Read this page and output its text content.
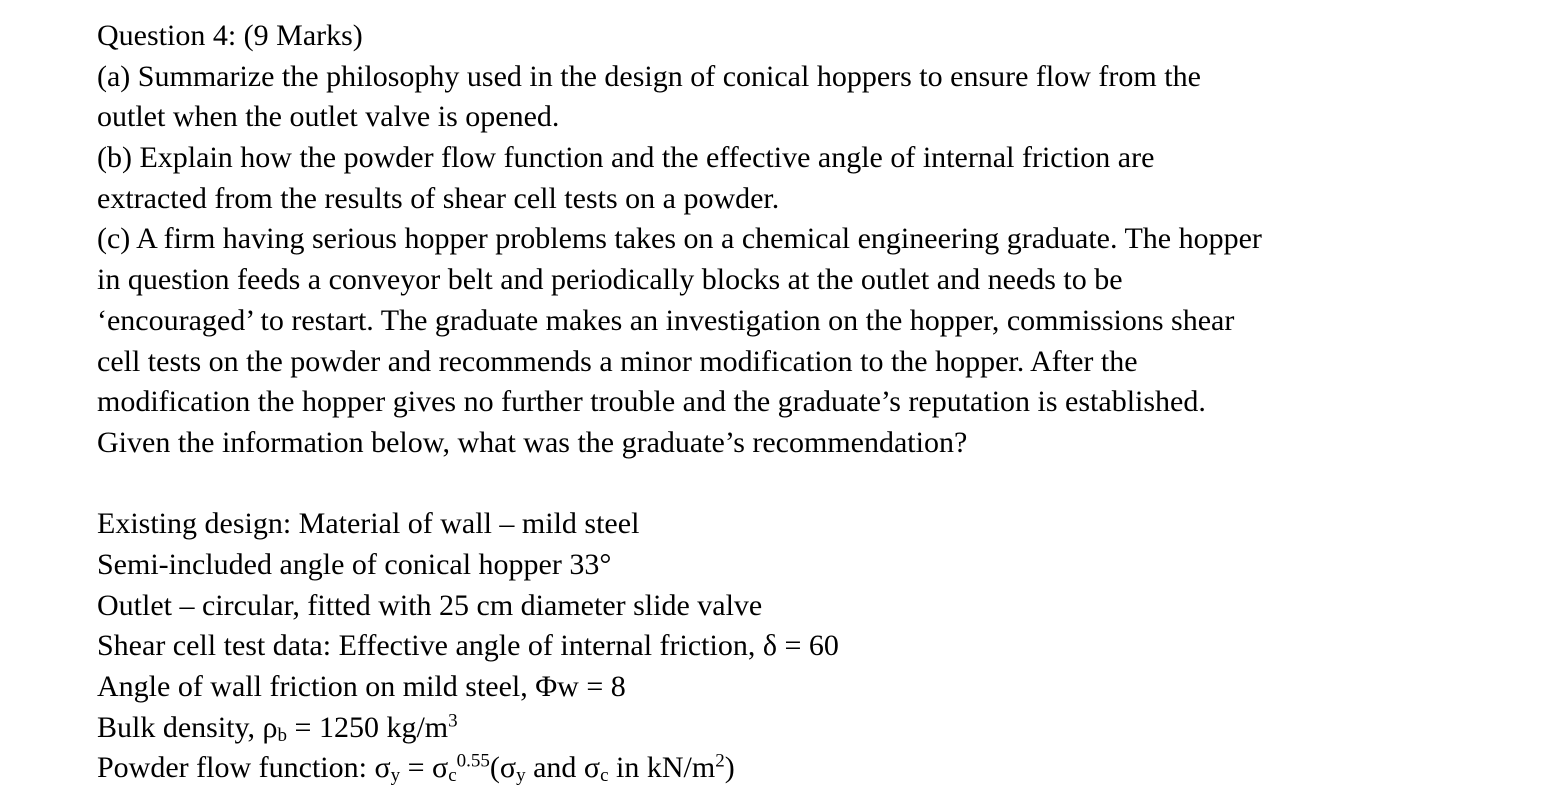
Question 4: (9 Marks)
(a) Summarize the philosophy used in the design of conical hoppers to ensure flow from the
outlet when the outlet valve is opened.
(b) Explain how the powder flow function and the effective angle of internal friction are
extracted from the results of shear cell tests on a powder.
(c) A firm having serious hopper problems takes on a chemical engineering graduate. The hopper
in question feeds a conveyor belt and periodically blocks at the outlet and needs to be
‘encouraged’ to restart. The graduate makes an investigation on the hopper, commissions shear
cell tests on the powder and recommends a minor modification to the hopper. After the
modification the hopper gives no further trouble and the graduate’s reputation is established.
Given the information below, what was the graduate’s recommendation?
Existing design: Material of wall – mild steel
Semi-included angle of conical hopper 33°
Outlet – circular, fitted with 25 cm diameter slide valve
Shear cell test data: Effective angle of internal friction, δ = 60
Angle of wall friction on mild steel, Φw = 8
Bulk density, $\rho_b = 1250$ $kg/m^3$
Powder flow function: $\sigma_y = \sigma_c^{0.55}(\sigma_y$ and $\sigma_c$ in $kN/m^2$)
